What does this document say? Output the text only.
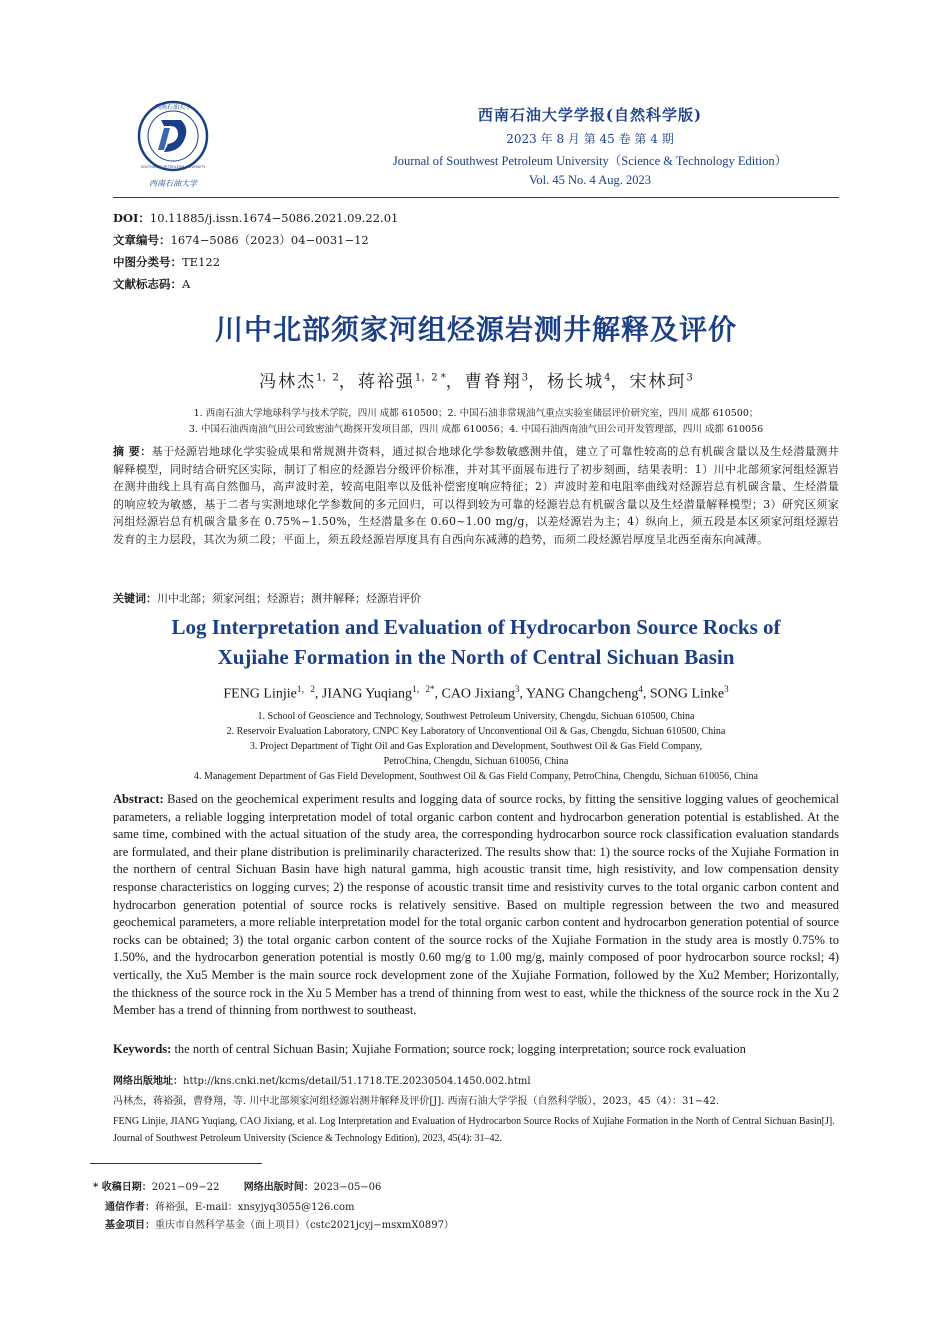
西南石油大学
SOUTHWEST PETROLEUM UNIVERSITY
西南石油大学
西南石油大学学报(自然科学版)
2023 年 8 月 第 45 卷 第 4 期
Journal of Southwest Petroleum University（Science & Technology Edition）
Vol. 45 No. 4 Aug. 2023
DOI：10.11885/j.issn.1674−5086.2021.09.22.01
文章编号：1674−5086（2023）04−0031−12
中图分类号：TE122
文献标志码：A
川中北部须家河组烃源岩测井解释及评价
冯林杰$^{1,2}$，蒋裕强$^{1,2 *}$，曹脊翔$^3$，杨长城$^4$，宋林珂$^3$
1. 西南石油大学地球科学与技术学院，四川 成都 610500；2. 中国石油非常规油气重点实验室储层评价研究室，四川 成都 610500；
3. 中国石油西南油气田公司致密油气勘探开发项目部，四川 成都 610056；4. 中国石油西南油气田公司开发管理部，四川 成都 610056
摘 要：基于烃源岩地球化学实验成果和常规测井资料，通过拟合地球化学参数敏感测井值，建立了可靠性较高的总有机碳含量以及生烃潜量测井解释模型，同时结合研究区实际，制订了相应的烃源岩分级评价标准，并对其平面展布进行了初步刻画，结果表明：1）川中北部须家河组烃源岩在测井曲线上具有高自然伽马，高声波时差，较高电阻率以及低补偿密度响应特征；2）声波时差和电阻率曲线对烃源岩总有机碳含量、生烃潜量的响应较为敏感，基于二者与实测地球化学参数间的多元回归，可以得到较为可靠的烃源岩总有机碳含量以及生烃潜量解释模型；3）研究区须家河组烃源岩总有机碳含量多在 0.75%~1.50%，生烃潜量多在 0.60~1.00 mg/g，以差烃源岩为主；4）纵向上，须五段是本区须家河组烃源岩发育的主力层段，其次为须二段；平面上，须五段烃源岩厚度具有自西向东减薄的趋势，而须二段烃源岩厚度呈北西至南东向减薄。
关键词：川中北部；须家河组；烃源岩；测井解释；烃源岩评价
Log Interpretation and Evaluation of Hydrocarbon Source Rocks of
Xujiahe Formation in the North of Central Sichuan Basin
FENG Linjie$^{1,2}$, JIANG Yuqiang$^{1,2*}$, CAO Jixiang$^3$, YANG Changcheng$^4$, SONG Linke$^3$
1. School of Geoscience and Technology, Southwest Petroleum University, Chengdu, Sichuan 610500, China
2. Reservoir Evaluation Laboratory, CNPC Key Laboratory of Unconventional Oil & Gas, Chengdu, Sichuan 610500, China
3. Project Department of Tight Oil and Gas Exploration and Development, Southwest Oil & Gas Field Company,
PetroChina, Chengdu, Sichuan 610056, China
4. Management Department of Gas Field Development, Southwest Oil & Gas Field Company, PetroChina, Chengdu, Sichuan 610056, China
Abstract: Based on the geochemical experiment results and logging data of source rocks, by fitting the sensitive logging values of geochemical parameters, a reliable logging interpretation model of total organic carbon content and hydrocarbon generation potential is established. At the same time, combined with the actual situation of the study area, the corresponding hydrocarbon source rock classification evaluation standards are formulated, and their plane distribution is preliminarily characterized. The results show that: 1) the source rocks of the Xujiahe Formation in the northern of central Sichuan Basin have high natural gamma, high acoustic transit time, high resistivity, and low compensation density response characteristics on logging curves; 2) the response of acoustic transit time and resistivity curves to the total organic carbon content and hydrocarbon generation potential of source rocks is relatively sensitive. Based on multiple regression between the two and measured geochemical parameters, a more reliable interpretation model for the total organic carbon content and hydrocarbon generation potential of source rocks can be obtained; 3) the total organic carbon content of the source rocks of the Xujiahe Formation in the study area is mostly 0.75% to 1.50%, and the hydrocarbon generation potential is mostly 0.60 mg/g to 1.00 mg/g, mainly composed of poor hydrocarbon source rocksl; 4) vertically, the Xu5 Member is the main source rock development zone of the Xujiahe Formation, followed by the Xu2 Member; Horizontally, the thickness of the source rock in the Xu 5 Member has a trend of thinning from west to east, while the thickness of the source rock in the Xu 2 Member has a trend of thinning from northwest to southeast.
Keywords: the north of central Sichuan Basin; Xujiahe Formation; source rock; logging interpretation; source rock evaluation
网络出版地址：http://kns.cnki.net/kcms/detail/51.1718.TE.20230504.1450.002.html
冯林杰，蒋裕强，曹脊翔，等. 川中北部须家河组烃源岩测井解释及评价[J]. 西南石油大学学报（自然科学版），2023，45（4）：31−42.
FENG Linjie, JIANG Yuqiang, CAO Jixiang, et al. Log Interpretation and Evaluation of Hydrocarbon Source Rocks of Xujiahe Formation in the North of Central Sichuan Basin[J]. Journal of Southwest Petroleum University (Science & Technology Edition), 2023, 45(4): 31–42.
* 收稿日期：2021−09−22 网络出版时间：2023−05−06
通信作者：蒋裕强，E-mail：xnsyjyq3055@126.com
基金项目：重庆市自然科学基金（面上项目）（cstc2021jcyj−msxmX0897）
